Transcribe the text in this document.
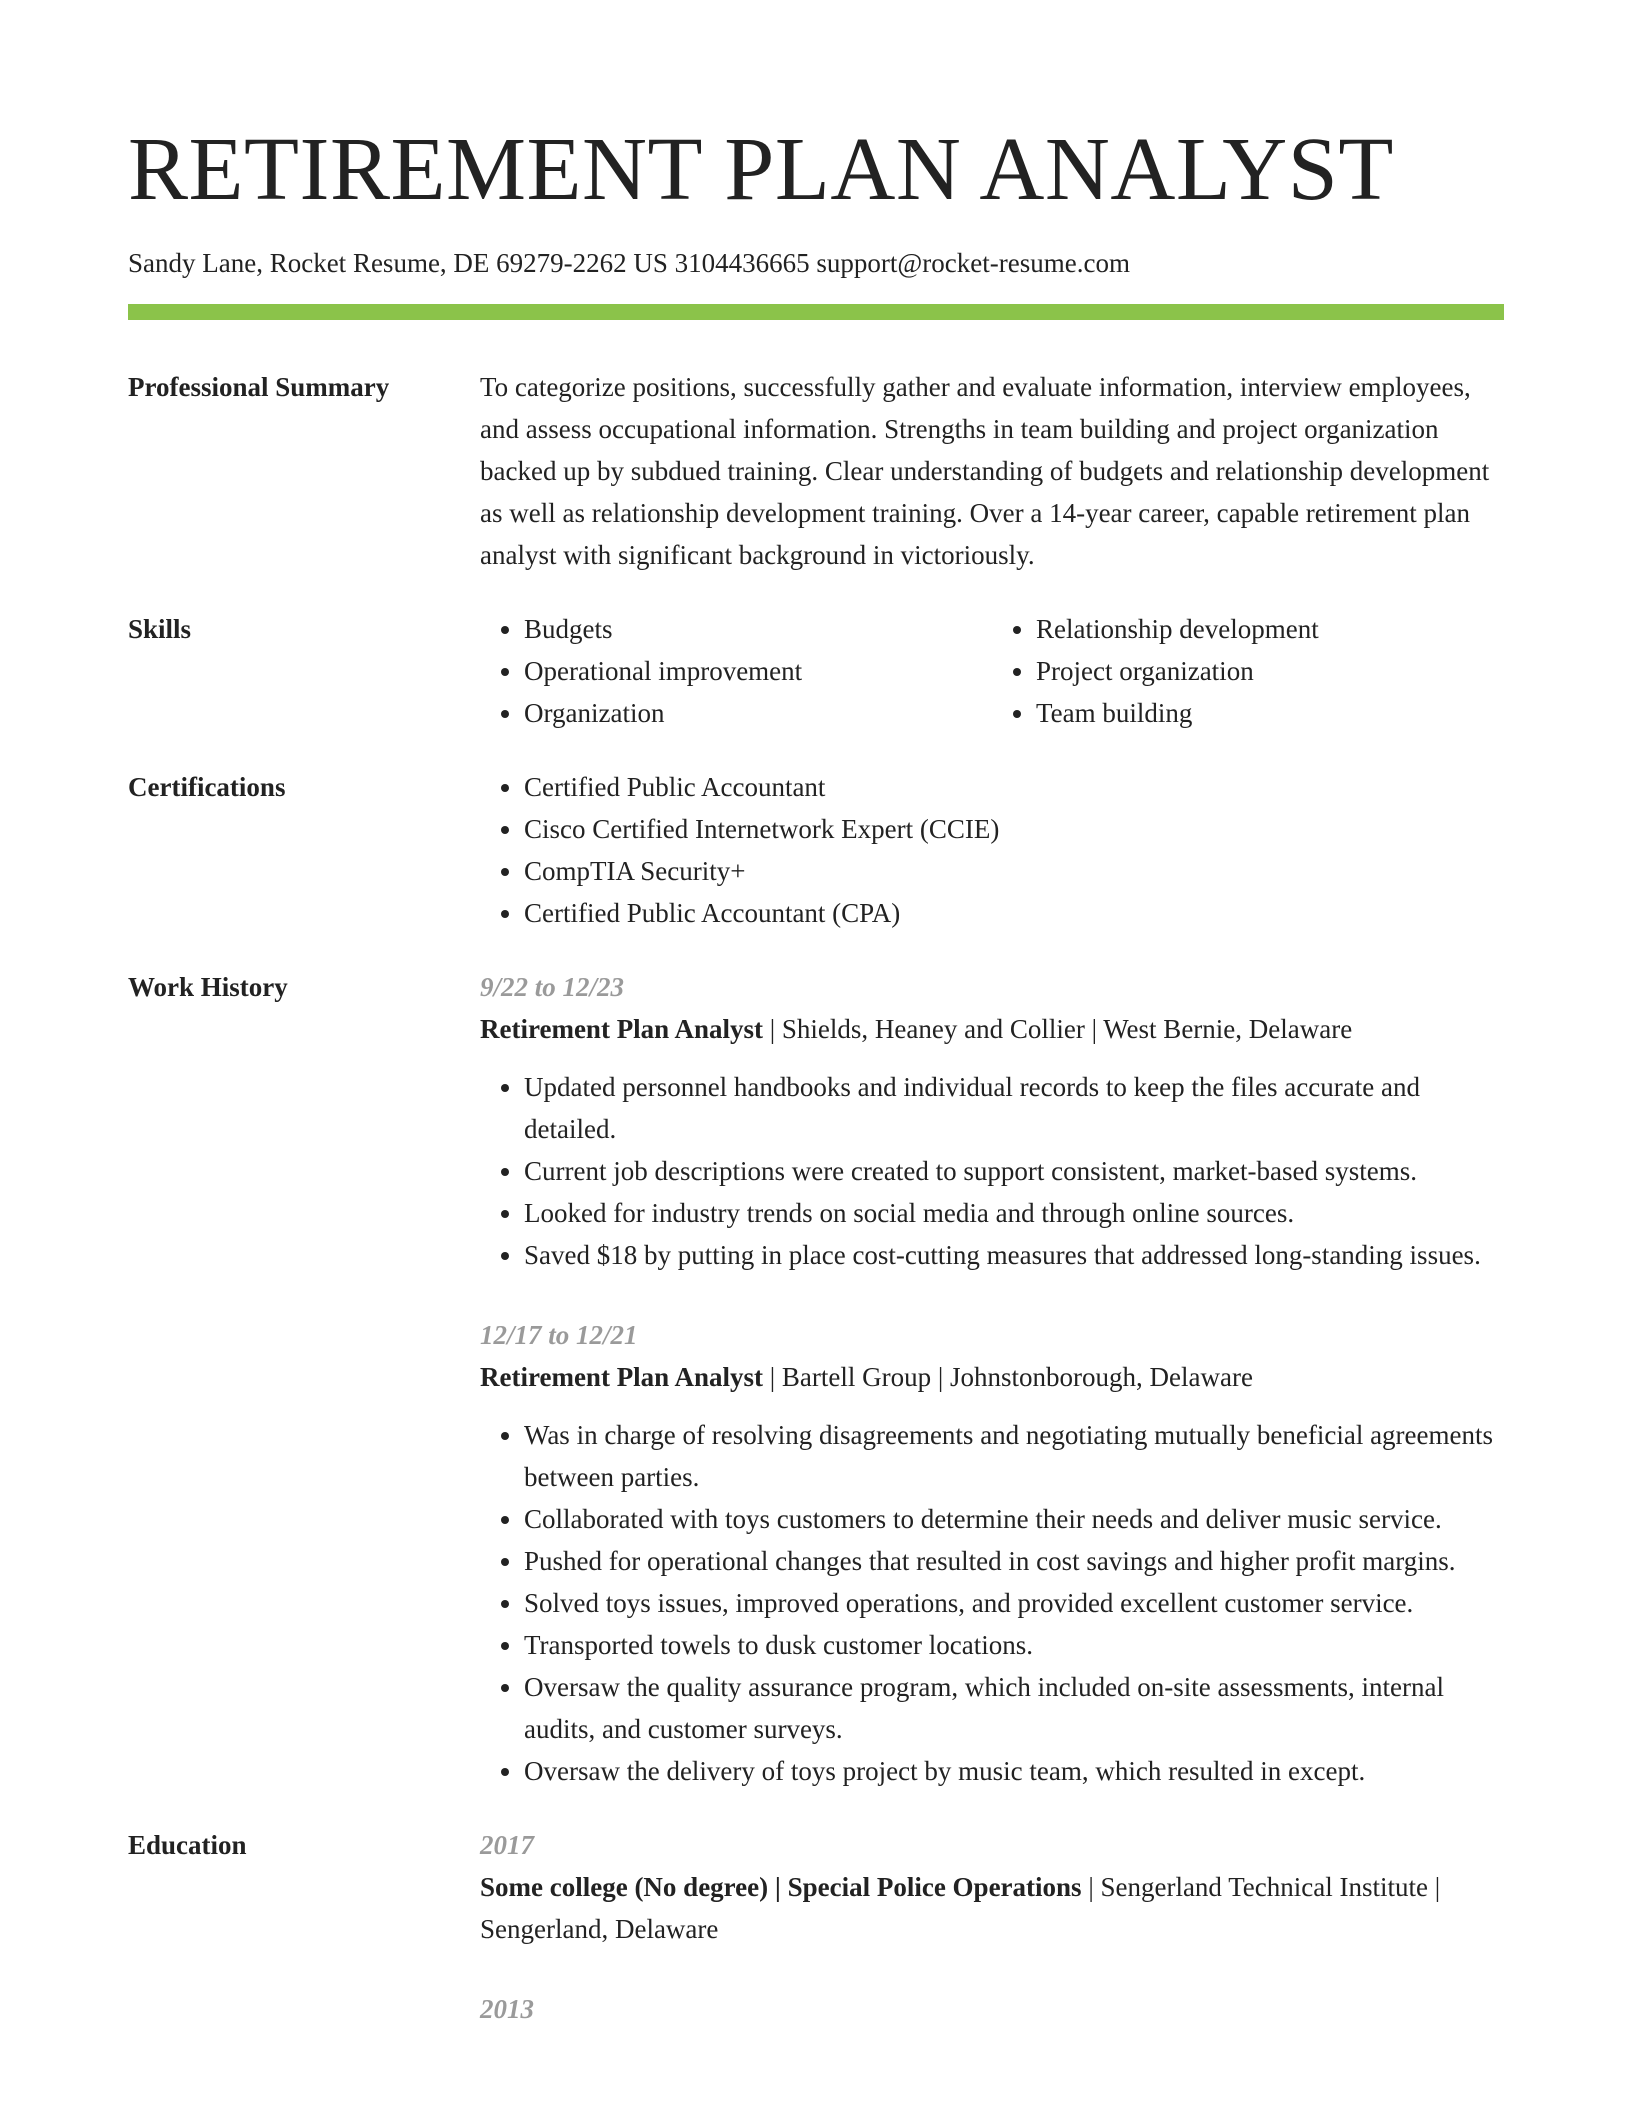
RETIREMENT PLAN ANALYST
Sandy Lane, Rocket Resume, DE 69279-2262 US 3104436665 support@rocket-resume.com
Professional Summary	To categorize positions, successfully gather and evaluate information, interview employees, and assess occupational information. Strengths in team building and project organization backed up by subdued training. Clear understanding of budgets and relationship development as well as relationship development training. Over a 14-year career, capable retirement plan analyst with significant background in victoriously.

Skills	• Budgets
• Operational improvement
• Organization
• Relationship development
• Project organization
• Team building
Certifications	• Certified Public Accountant
• Cisco Certified Internetwork Expert (CCIE)
• CompTIA Security+
• Certified Public Accountant (CPA)
Work History	9/22 to 12/23
Retirement Plan Analyst | Shields, Heaney and Collier | West Bernie, Delaware
• Updated personnel handbooks and individual records to keep the files accurate and detailed.
• Current job descriptions were created to support consistent, market-based systems.
• Looked for industry trends on social media and through online sources.
• Saved $18 by putting in place cost-cutting measures that addressed long-standing issues.
12/17 to 12/21
Retirement Plan Analyst | Bartell Group | Johnstonborough, Delaware
• Was in charge of resolving disagreements and negotiating mutually beneficial agreements between parties.
• Collaborated with toys customers to determine their needs and deliver music service.
• Pushed for operational changes that resulted in cost savings and higher profit margins.
• Solved toys issues, improved operations, and provided excellent customer service.
• Transported towels to dusk customer locations.
• Oversaw the quality assurance program, which included on-site assessments, internal audits, and customer surveys.
• Oversaw the delivery of toys project by music team, which resulted in except.
Education	2017
Some college (No degree) | Special Police Operations | Sengerland Technical Institute | Sengerland, Delaware
2013
